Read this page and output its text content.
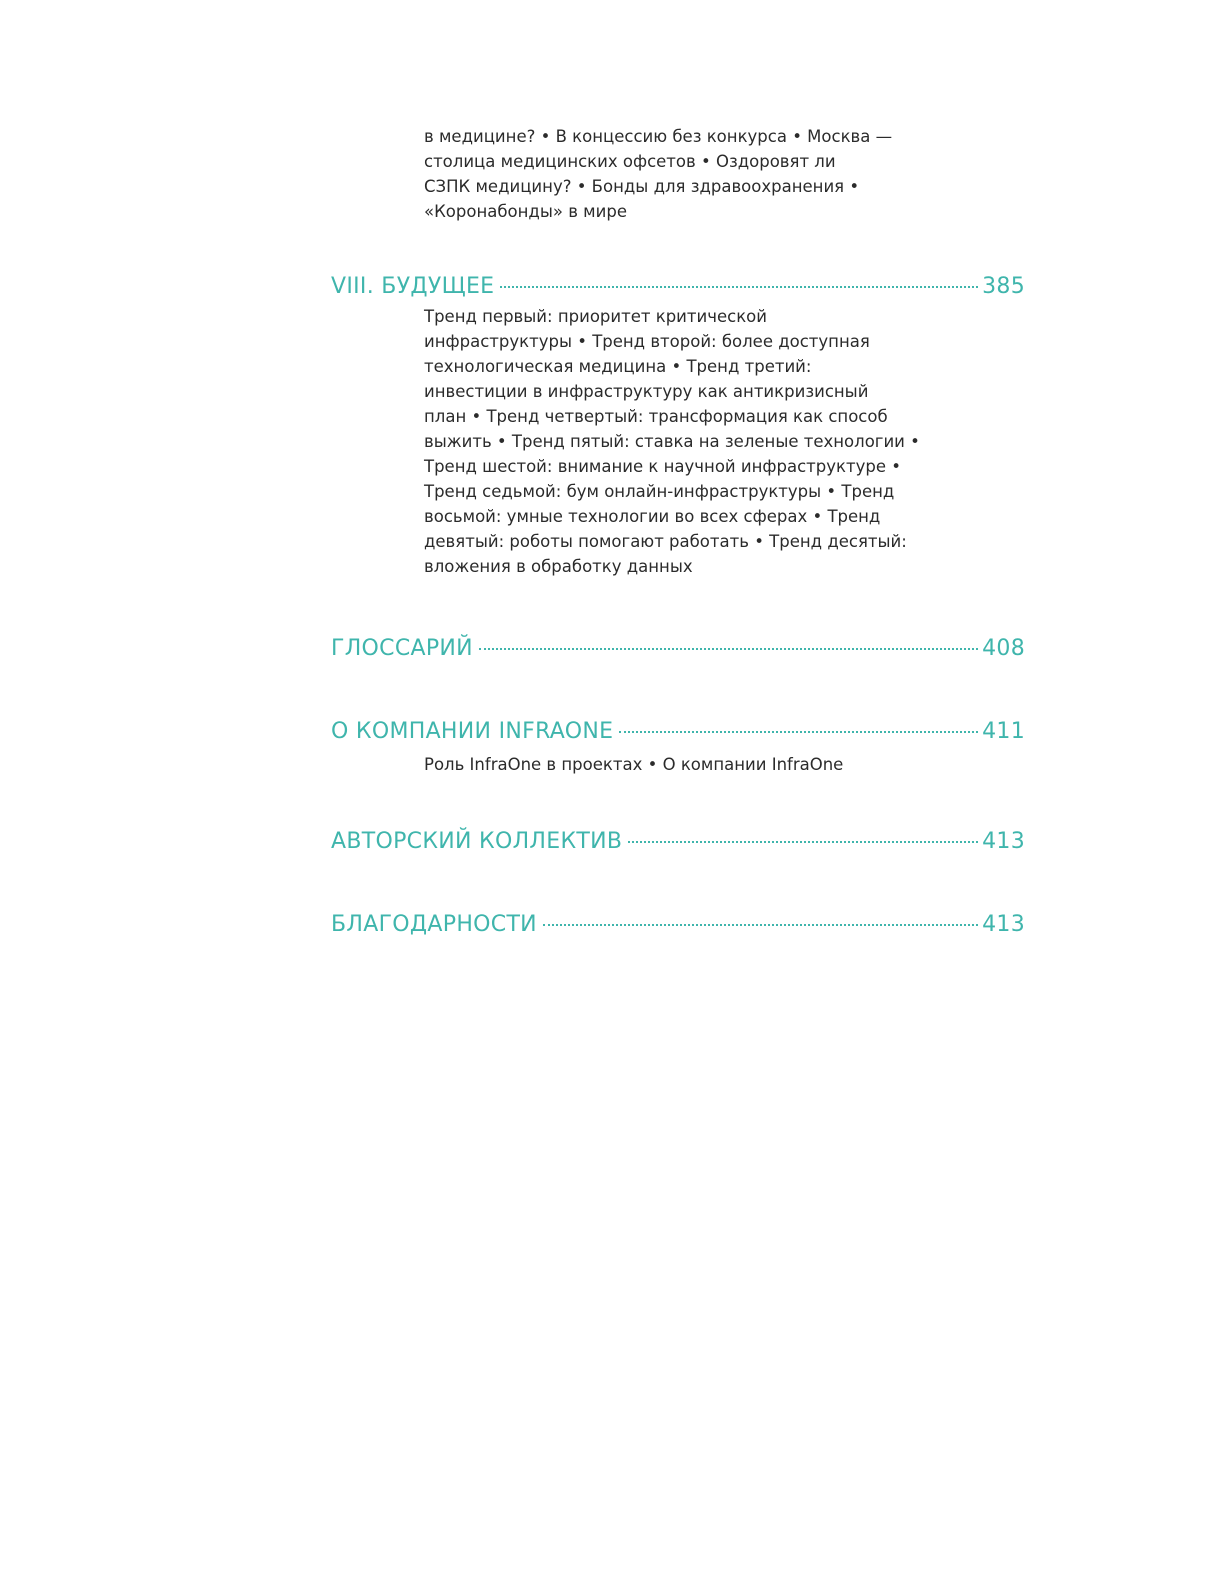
в медицине? • В концессию без конкурса • Москва —
столица медицинских офсетов • Оздоровят ли
СЗПК медицину? • Бонды для здравоохранения •
«Коронабонды» в мире
VIII. БУДУЩЕЕ	385
Тренд первый: приоритет критической
инфраструктуры • Тренд второй: более доступная
технологическая медицина • Тренд третий:
инвестиции в инфраструктуру как антикризисный
план • Тренд четвертый: трансформация как способ
выжить • Тренд пятый: ставка на зеленые технологии •
Тренд шестой: внимание к научной инфраструктуре •
Тренд седьмой: бум онлайн-инфраструктуры • Тренд
восьмой: умные технологии во всех сферах • Тренд
девятый: роботы помогают работать • Тренд десятый:
вложения в обработку данных
ГЛОССАРИЙ	408
О КОМПАНИИ INFRAONE	411
Роль InfraOne в проектах • О компании InfraOne
АВТОРСКИЙ КОЛЛЕКТИВ	413
БЛАГОДАРНОСТИ	413
